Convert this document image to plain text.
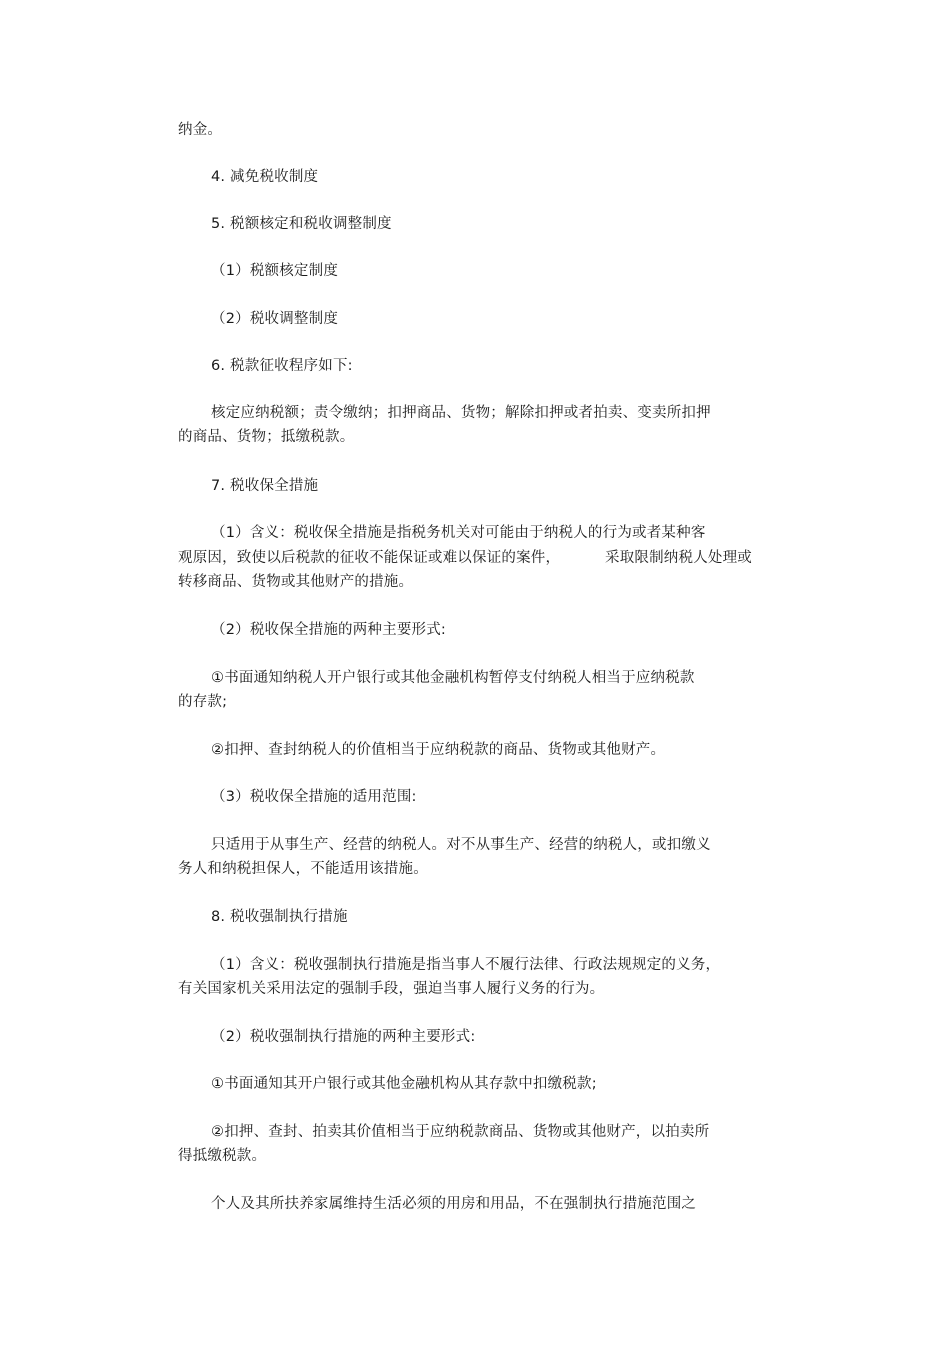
纳金。
4. 减免税收制度
5. 税额核定和税收调整制度
（1）税额核定制度
（2）税收调整制度
6. 税款征收程序如下:
核定应纳税额；责令缴纳；扣押商品、货物；解除扣押或者拍卖、变卖所扣押
的商品、货物；抵缴税款。
7. 税收保全措施
（1）含义：税收保全措施是指税务机关对可能由于纳税人的行为或者某种客
观原因，致使以后税款的征收不能保证或难以保证的案件，	采取限制纳税人处理或
转移商品、货物或其他财产的措施。
（2）税收保全措施的两种主要形式:
①书面通知纳税人开户银行或其他金融机构暂停支付纳税人相当于应纳税款
的存款;
②扣押、查封纳税人的价值相当于应纳税款的商品、货物或其他财产。
（3）税收保全措施的适用范围:
只适用于从事生产、经营的纳税人。对不从事生产、经营的纳税人，或扣缴义
务人和纳税担保人，不能适用该措施。
8. 税收强制执行措施
（1）含义：税收强制执行措施是指当事人不履行法律、行政法规规定的义务，
有关国家机关采用法定的强制手段，强迫当事人履行义务的行为。
（2）税收强制执行措施的两种主要形式:
①书面通知其开户银行或其他金融机构从其存款中扣缴税款;
②扣押、查封、拍卖其价值相当于应纳税款商品、货物或其他财产，以拍卖所
得抵缴税款。
个人及其所扶养家属维持生活必须的用房和用品，不在强制执行措施范围之
